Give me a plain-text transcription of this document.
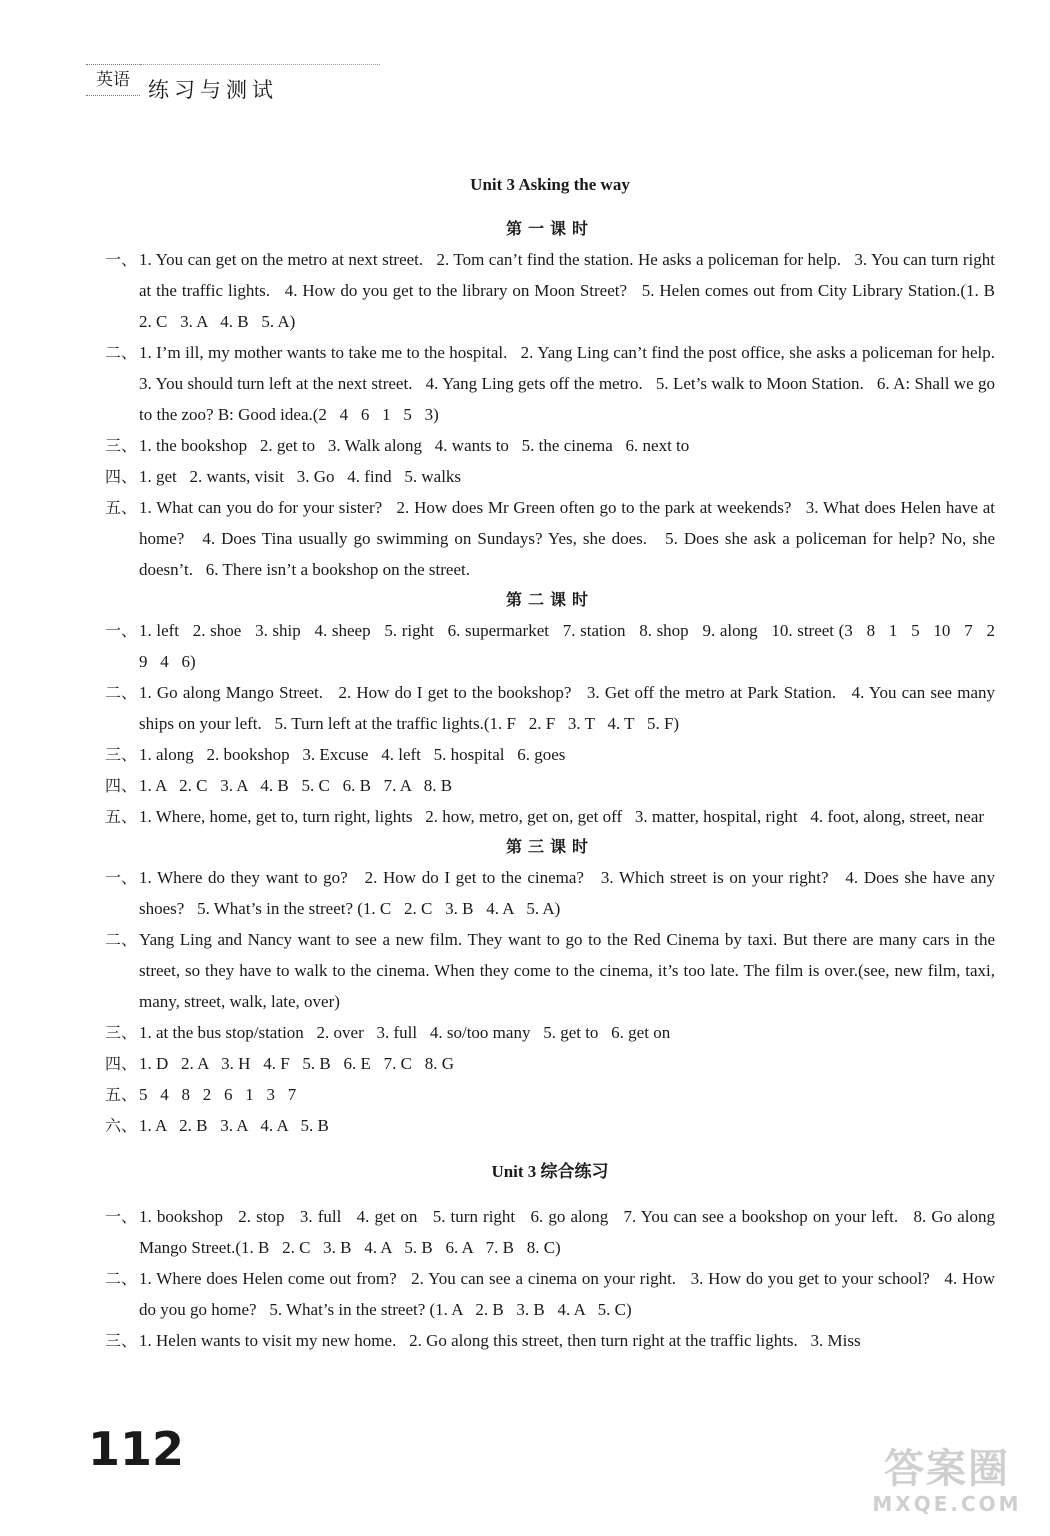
英语 练习与测试
Unit 3 Asking the way
第一课时
一、 1. You can get on the metro at next street.   2. Tom can’t find the station. He asks a policeman for help.   3. You can turn right at the traffic lights.   4. How do you get to the library on Moon Street?   5. Helen comes out from City Library Station.(1. B   2. C   3. A   4. B   5. A)
二、 1. I’m ill, my mother wants to take me to the hospital.   2. Yang Ling can’t find the post office, she asks a policeman for help.   3. You should turn left at the next street.   4. Yang Ling gets off the metro.   5. Let’s walk to Moon Station.   6. A: Shall we go to the zoo? B: Good idea.(2   4   6   1   5   3)
三、 1. the bookshop   2. get to   3. Walk along   4. wants to   5. the cinema   6. next to
四、 1. get   2. wants, visit   3. Go   4. find   5. walks
五、 1. What can you do for your sister?   2. How does Mr Green often go to the park at weekends?   3. What does Helen have at home?   4. Does Tina usually go swimming on Sundays? Yes, she does.   5. Does she ask a policeman for help? No, she doesn’t.   6. There isn’t a bookshop on the street.
第二课时
一、 1. left   2. shoe   3. ship   4. sheep   5. right   6. supermarket   7. station   8. shop   9. along   10. street (3   8   1   5   10   7   2   9   4   6)
二、 1. Go along Mango Street.   2. How do I get to the bookshop?   3. Get off the metro at Park Station.   4. You can see many ships on your left.   5. Turn left at the traffic lights.(1. F   2. F   3. T   4. T   5. F)
三、 1. along   2. bookshop   3. Excuse   4. left   5. hospital   6. goes
四、 1. A   2. C   3. A   4. B   5. C   6. B   7. A   8. B
五、 1. Where, home, get to, turn right, lights   2. how, metro, get on, get off   3. matter, hospital, right   4. foot, along, street, near
第三课时
一、 1. Where do they want to go?   2. How do I get to the cinema?   3. Which street is on your right?   4. Does she have any shoes?   5. What’s in the street? (1. C   2. C   3. B   4. A   5. A)
二、 Yang Ling and Nancy want to see a new film. They want to go to the Red Cinema by taxi. But there are many cars in the street, so they have to walk to the cinema. When they come to the cinema, it’s too late. The film is over.(see, new film, taxi, many, street, walk, late, over)
三、 1. at the bus stop/station   2. over   3. full   4. so/too many   5. get to   6. get on
四、 1. D   2. A   3. H   4. F   5. B   6. E   7. C   8. G
五、 5   4   8   2   6   1   3   7
六、 1. A   2. B   3. A   4. A   5. B
Unit 3 综合练习
一、 1. bookshop   2. stop   3. full   4. get on   5. turn right   6. go along   7. You can see a bookshop on your left.   8. Go along Mango Street.(1. B   2. C   3. B   4. A   5. B   6. A   7. B   8. C)
二、 1. Where does Helen come out from?   2. You can see a cinema on your right.   3. How do you get to your school?   4. How do you go home?   5. What’s in the street? (1. A   2. B   3. B   4. A   5. C)
三、 1. Helen wants to visit my new home.   2. Go along this street, then turn right at the traffic lights.   3. Miss
112	答案圈
MXQE.COM
